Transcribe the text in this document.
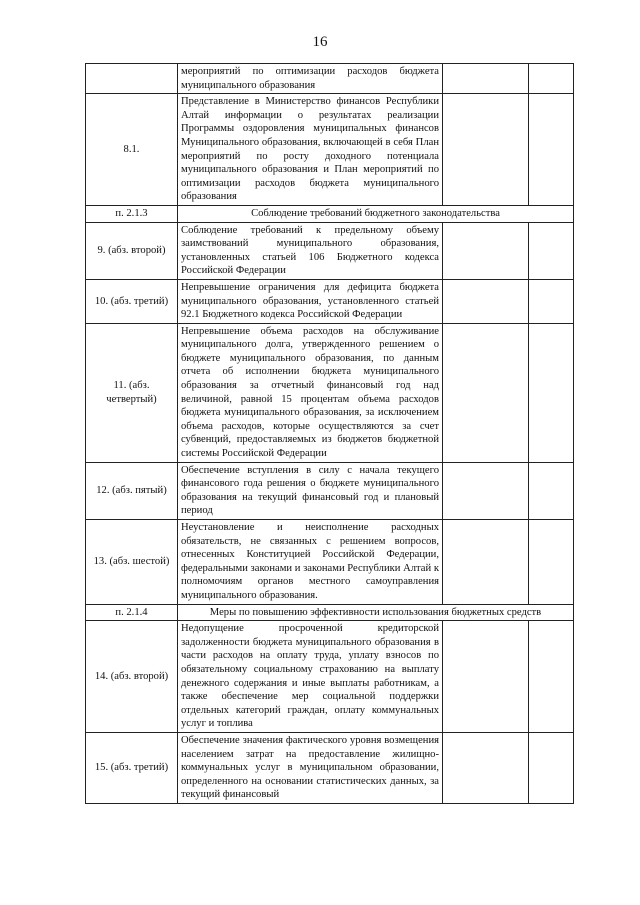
16
	мероприятий по оптимизации расходов бюджета муниципального образования		
8.1.	Представление в Министерство финансов Республики Алтай информации о результатах реализации Программы оздоровления муниципальных финансов Муниципального образования, включающей в себя План мероприятий по росту доходного потенциала муниципального образования и План мероприятий по оптимизации расходов бюджета муниципального образования		
п. 2.1.3	Соблюдение требований бюджетного законодательства		
9. (абз. второй)	Соблюдение требований к предельному объему заимствований муниципального образования, установленных статьей 106 Бюджетного кодекса Российской Федерации		
10. (абз. третий)	Непревышение ограничения для дефицита бюджета муниципального образования, установленного статьей 92.1 Бюджетного кодекса Российской Федерации		
11. (абз. четвертый)	Непревышение объема расходов на обслуживание муниципального долга, утвержденного решением о бюджете муниципального образования, по данным отчета об исполнении бюджета муниципального образования за отчетный финансовый год над величиной, равной 15 процентам объема расходов бюджета муниципального образования, за исключением объема расходов, которые осуществляются за счет субвенций, предоставляемых из бюджетов бюджетной системы Российской Федерации		
12. (абз. пятый)	Обеспечение вступления в силу с начала текущего финансового года решения о бюджете муниципального образования на текущий финансовый год и плановый период		
13. (абз. шестой)	Неустановление и неисполнение расходных обязательств, не связанных с решением вопросов, отнесенных Конституцией Российской Федерации, федеральными законами и законами Республики Алтай к полномочиям органов местного самоуправления муниципального образования.		
п. 2.1.4	Меры по повышению эффективности использования бюджетных средств		
14. (абз. второй)	Недопущение просроченной кредиторской задолженности бюджета муниципального образования в части расходов на оплату труда, уплату взносов по обязательному социальному страхованию на выплату денежного содержания и иные выплаты работникам, а также обеспечение мер социальной поддержки отдельных категорий граждан, оплату коммунальных услуг и топлива		
15. (абз. третий)	Обеспечение значения фактического уровня возмещения населением затрат на предоставление жилищно-коммунальных услуг в муниципальном образовании, определенного на основании статистических данных, за текущий финансовый		
